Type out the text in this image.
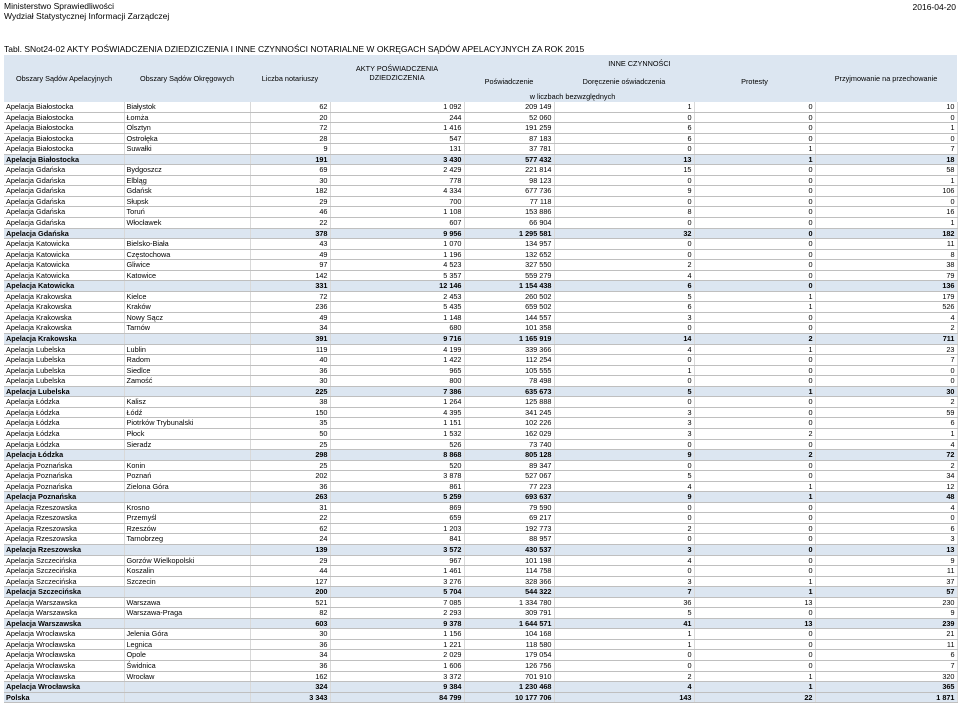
Ministerstwo Sprawiedliwości
Wydział Statystycznej Informacji Zarządczej
2016-04-20
Tabl. SNot24-02 AKTY POŚWIADCZENIA DZIEDZICZENIA I INNE CZYNNOŚCI NOTARIALNE W OKRĘGACH SĄDÓW APELACYJNYCH ZA ROK 2015
Obszary Sądów Apelacyjnych	Obszary Sądów Okręgowych	Liczba notariuszy	AKTY POŚWIADCZENIA DZIEDZICZENIA	INNE CZYNNOŚCI			Przyjmowanie na przechowanie
				Poświadczenie	Doręczenie oświadczenia	Protesty	
			w liczbach bezwzględnych				
Apelacja Białostocka	Białystok	62	1 092	209 149	1	0	10
Apelacja Białostocka	Łomża	20	244	52 060	0	0	0
Apelacja Białostocka	Olsztyn	72	1 416	191 259	6	0	1
Apelacja Białostocka	Ostrołęka	28	547	87 183	6	0	0
Apelacja Białostocka	Suwałki	9	131	37 781	0	1	7
Apelacja Białostocka		191	3 430	577 432	13	1	18
Apelacja Gdańska	Bydgoszcz	69	2 429	221 814	15	0	58
Apelacja Gdańska	Elbląg	30	778	98 123	0	0	1
Apelacja Gdańska	Gdańsk	182	4 334	677 736	9	0	106
Apelacja Gdańska	Słupsk	29	700	77 118	0	0	0
Apelacja Gdańska	Toruń	46	1 108	153 886	8	0	16
Apelacja Gdańska	Włocławek	22	607	66 904	0	0	1
Apelacja Gdańska		378	9 956	1 295 581	32	0	182
Apelacja Katowicka	Bielsko-Biała	43	1 070	134 957	0	0	11
Apelacja Katowicka	Częstochowa	49	1 196	132 652	0	0	8
Apelacja Katowicka	Gliwice	97	4 523	327 550	2	0	38
Apelacja Katowicka	Katowice	142	5 357	559 279	4	0	79
Apelacja Katowicka		331	12 146	1 154 438	6	0	136
Apelacja Krakowska	Kielce	72	2 453	260 502	5	1	179
Apelacja Krakowska	Kraków	236	5 435	659 502	6	1	526
Apelacja Krakowska	Nowy Sącz	49	1 148	144 557	3	0	4
Apelacja Krakowska	Tarnów	34	680	101 358	0	0	2
Apelacja Krakowska		391	9 716	1 165 919	14	2	711
Apelacja Lubelska	Lublin	119	4 199	339 366	4	1	23
Apelacja Lubelska	Radom	40	1 422	112 254	0	0	7
Apelacja Lubelska	Siedlce	36	965	105 555	1	0	0
Apelacja Lubelska	Zamość	30	800	78 498	0	0	0
Apelacja Lubelska		225	7 386	635 673	5	1	30
Apelacja Łódzka	Kalisz	38	1 264	125 888	0	0	2
Apelacja Łódzka	Łódź	150	4 395	341 245	3	0	59
Apelacja Łódzka	Piotrków Trybunalski	35	1 151	102 226	3	0	6
Apelacja Łódzka	Płock	50	1 532	162 029	3	2	1
Apelacja Łódzka	Sieradz	25	526	73 740	0	0	4
Apelacja Łódzka		298	8 868	805 128	9	2	72
Apelacja Poznańska	Konin	25	520	89 347	0	0	2
Apelacja Poznańska	Poznań	202	3 878	527 067	5	0	34
Apelacja Poznańska	Zielona Góra	36	861	77 223	4	1	12
Apelacja Poznańska		263	5 259	693 637	9	1	48
Apelacja Rzeszowska	Krosno	31	869	79 590	0	0	4
Apelacja Rzeszowska	Przemyśl	22	659	69 217	0	0	0
Apelacja Rzeszowska	Rzeszów	62	1 203	192 773	2	0	6
Apelacja Rzeszowska	Tarnobrzeg	24	841	88 957	0	0	3
Apelacja Rzeszowska		139	3 572	430 537	3	0	13
Apelacja Szczecińska	Gorzów Wielkopolski	29	967	101 198	4	0	9
Apelacja Szczecińska	Koszalin	44	1 461	114 758	0	0	11
Apelacja Szczecińska	Szczecin	127	3 276	328 366	3	1	37
Apelacja Szczecińska		200	5 704	544 322	7	1	57
Apelacja Warszawska	Warszawa	521	7 085	1 334 780	36	13	230
Apelacja Warszawska	Warszawa-Praga	82	2 293	309 791	5	0	9
Apelacja Warszawska		603	9 378	1 644 571	41	13	239
Apelacja Wrocławska	Jelenia Góra	30	1 156	104 168	1	0	21
Apelacja Wrocławska	Legnica	36	1 221	118 580	1	0	11
Apelacja Wrocławska	Opole	34	2 029	179 054	0	0	6
Apelacja Wrocławska	Świdnica	36	1 606	126 756	0	0	7
Apelacja Wrocławska	Wrocław	162	3 372	701 910	2	1	320
Apelacja Wrocławska		324	9 384	1 230 468	4	1	365
Polska		3 343	84 799	10 177 706	143	22	1 871
